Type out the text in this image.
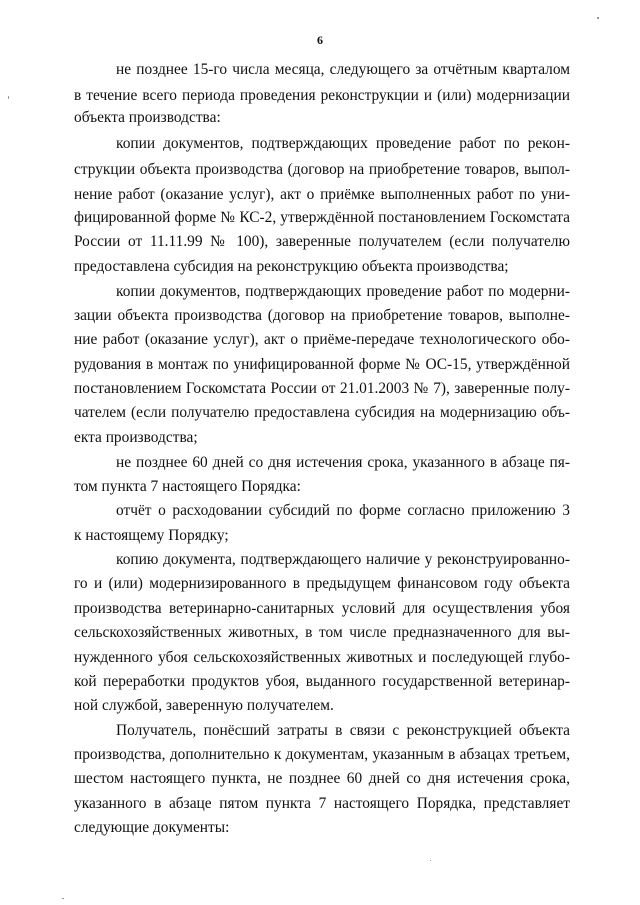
6
не позднее 15-го числа месяца, следующего за отчётным кварталом
в течение всего периода проведения реконструкции и (или) модернизации
объекта производства:
копии документов, подтверждающих проведение работ по рекон-
струкции объекта производства (договор на приобретение товаров, выпол-
нение работ (оказание услуг), акт о приёмке выполненных работ по уни-
фицированной форме № КС-2, утверждённой постановлением Госкомстата
России от 11.11.99 № 100), заверенные получателем (если получателю
предоставлена субсидия на реконструкцию объекта производства;
копии документов, подтверждающих проведение работ по модерни-
зации объекта производства (договор на приобретение товаров, выполне-
ние работ (оказание услуг), акт о приёме-передаче технологического обо-
рудования в монтаж по унифицированной форме № ОС-15, утверждённой
постановлением Госкомстата России от 21.01.2003 № 7), заверенные полу-
чателем (если получателю предоставлена субсидия на модернизацию объ-
екта производства;
не позднее 60 дней со дня истечения срока, указанного в абзаце пя-
том пункта 7 настоящего Порядка:
отчёт о расходовании субсидий по форме согласно приложению 3
к настоящему Порядку;
копию документа, подтверждающего наличие у реконструированно-
го и (или) модернизированного в предыдущем финансовом году объекта
производства ветеринарно-санитарных условий для осуществления убоя
сельскохозяйственных животных, в том числе предназначенного для вы-
нужденного убоя сельскохозяйственных животных и последующей глубо-
кой переработки продуктов убоя, выданного государственной ветеринар-
ной службой, заверенную получателем.
Получатель, понёсший затраты в связи с реконструкцией объекта
производства, дополнительно к документам, указанным в абзацах третьем,
шестом настоящего пункта, не позднее 60 дней со дня истечения срока,
указанного в абзаце пятом пункта 7 настоящего Порядка, представляет
следующие документы:
